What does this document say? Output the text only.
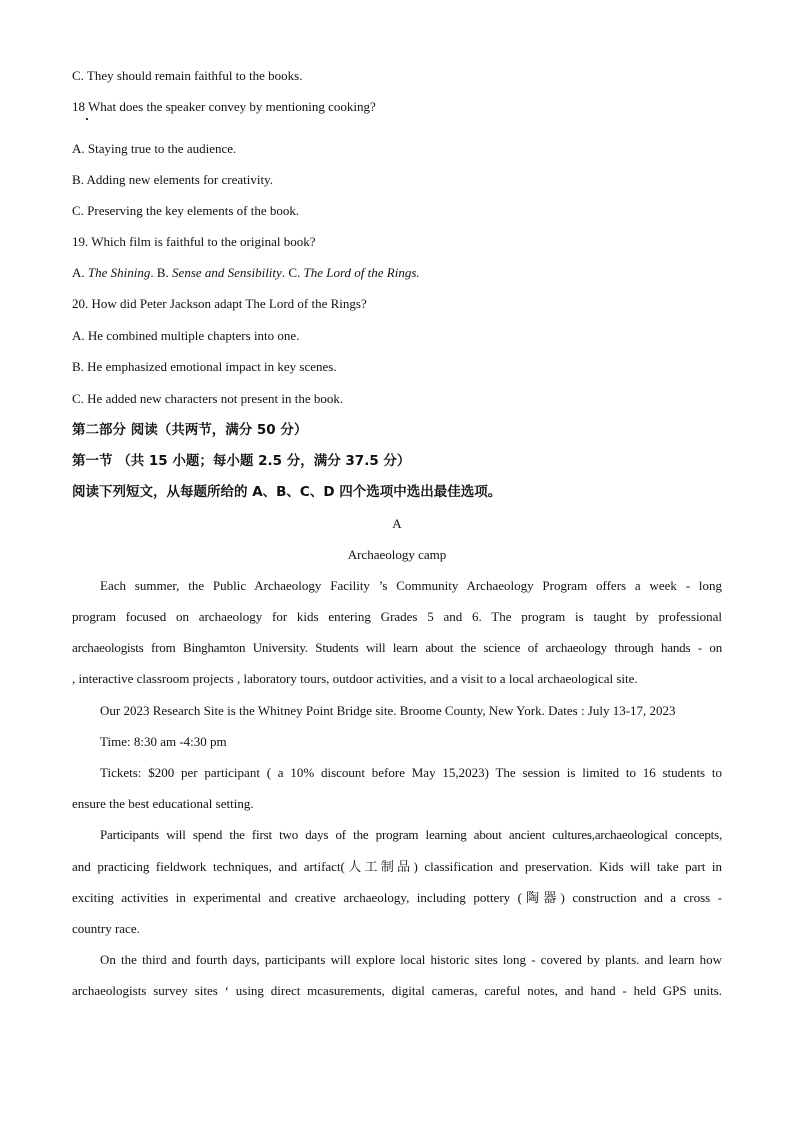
C. They should remain faithful to the books.
18 What does the speaker convey by mentioning cooking?
A. Staying true to the audience.
B. Adding new elements for creativity.
C. Preserving the key elements of the book.
19. Which film is faithful to the original book?
A. The Shining. B. Sense and Sensibility. C. The Lord of the Rings.
20. How did Peter Jackson adapt The Lord of the Rings?
A. He combined multiple chapters into one.
B. He emphasized emotional impact in key scenes.
C. He added new characters not present in the book.
第二部分 阅读（共两节，满分 50 分）
第一节 （共 15 小题；每小题 2.5 分，满分 37.5 分）
阅读下列短文，从每题所给的 A、B、C、D 四个选项中选出最佳选项。
A
Archaeology camp
Each summer, the Public Archaeology Facility ’s Community Archaeology Program offers a week - long
program focused on archaeology for kids entering Grades 5 and 6. The program is taught by professional
archaeologists from Binghamton University. Students will learn about the science of archaeology through hands - on
, interactive classroom projects , laboratory tours, outdoor activities, and a visit to a local archaeological site.
Our 2023 Research Site is the Whitney Point Bridge site. Broome County, New York. Dates : July 13-17, 2023
Time: 8:30 am -4:30 pm
Tickets: $200 per participant ( a 10% discount before May 15,2023) The session is limited to 16 students to
ensure the best educational setting.
Participants will spend the first two days of the program learning about ancient cultures,archaeological concepts,
and practicing fieldwork techniques, and artifact(人工制品) classification and preservation. Kids will take part in
exciting activities in experimental and creative archaeology, including pottery (陶器) construction and a cross -
country race.
On the third and fourth days, participants will explore local historic sites long - covered by plants. and learn how
archaeologists survey sites ‘ using direct mcasurements, digital cameras, careful notes, and hand - held GPS units.
